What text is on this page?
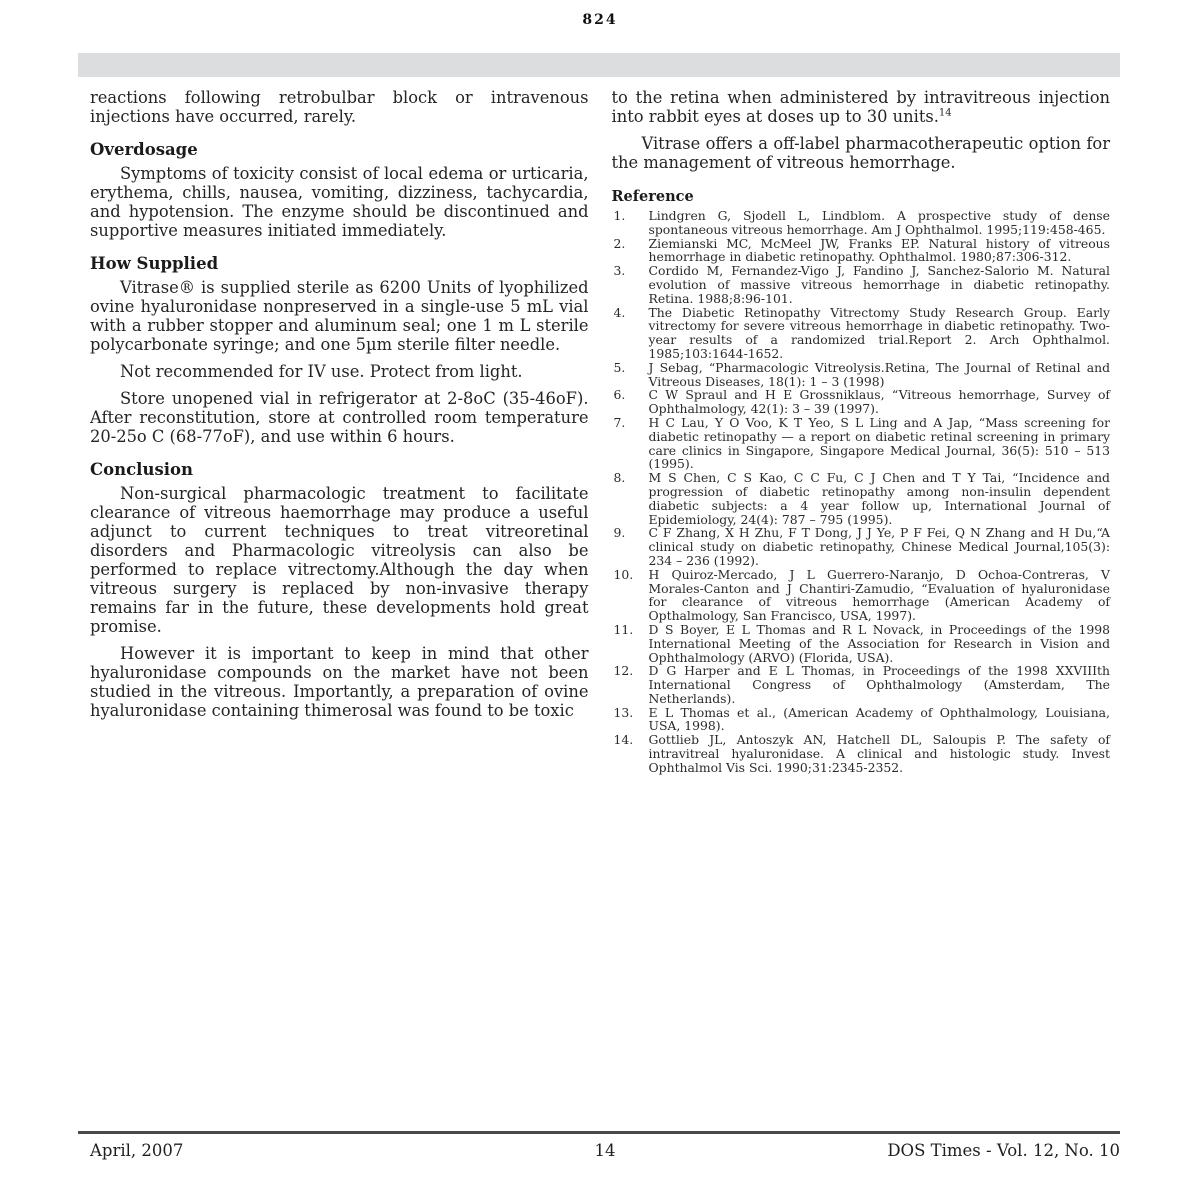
824

reactions following retrobulbar block or intravenous injections have occurred, rarely.

Overdosage

Symptoms of toxicity consist of local edema or urticaria, erythema, chills, nausea, vomiting, dizziness, tachycardia, and hypotension. The enzyme should be discontinued and supportive measures initiated immediately.

How Supplied

Vitrase® is supplied sterile as 6200 Units of lyophilized ovine hyaluronidase nonpreserved in a single-use 5 mL vial with a rubber stopper and aluminum seal; one 1 m L sterile polycarbonate syringe; and one 5µm sterile filter needle.

Not recommended for IV use. Protect from light.

Store unopened vial in refrigerator at 2-8oC (35-46oF). After reconstitution, store at controlled room temperature 20-25o C (68-77oF), and use within 6 hours.

Conclusion

Non-surgical pharmacologic treatment to facilitate clearance of vitreous haemorrhage may produce a useful adjunct to current techniques to treat vitreoretinal disorders and Pharmacologic vitreolysis can also be performed to replace vitrectomy.Although the day when vitreous surgery is replaced by non-invasive therapy remains far in the future, these developments hold great promise.

However it is important to keep in mind that other hyaluronidase compounds on the market have not been studied in the vitreous. Importantly, a preparation of ovine hyaluronidase containing thimerosal was found to be toxic

to the retina when administered by intravitreous injection into rabbit eyes at doses up to 30 units.$^{14}$

Vitrase offers a off-label pharmacotherapeutic option for the management of vitreous hemorrhage.

Reference
1. Lindgren G, Sjodell L, Lindblom. A prospective study of dense spontaneous vitreous hemorrhage. Am J Ophthalmol. 1995;119:458-465.
2. Ziemianski MC, McMeel JW, Franks EP. Natural history of vitreous hemorrhage in diabetic retinopathy. Ophthalmol. 1980;87:306-312.
3. Cordido M, Fernandez-Vigo J, Fandino J, Sanchez-Salorio M. Natural evolution of massive vitreous hemorrhage in diabetic retinopathy. Retina. 1988;8:96-101.
4. The Diabetic Retinopathy Vitrectomy Study Research Group. Early vitrectomy for severe vitreous hemorrhage in diabetic retinopathy. Two-year results of a randomized trial.Report 2. Arch Ophthalmol. 1985;103:1644-1652.
5. J Sebag, “Pharmacologic Vitreolysis.Retina, The Journal of Retinal and Vitreous Diseases, 18(1): 1 – 3 (1998)
6. C W Spraul and H E Grossniklaus, “Vitreous hemorrhage, Survey of Ophthalmology, 42(1): 3 – 39 (1997).
7. H C Lau, Y O Voo, K T Yeo, S L Ling and A Jap, “Mass screening for diabetic retinopathy — a report on diabetic retinal screening in primary care clinics in Singapore, Singapore Medical Journal, 36(5): 510 – 513 (1995).
8. M S Chen, C S Kao, C C Fu, C J Chen and T Y Tai, “Incidence and progression of diabetic retinopathy among non-insulin dependent diabetic subjects: a 4 year follow up, International Journal of Epidemiology, 24(4): 787 – 795 (1995).
9. C F Zhang, X H Zhu, F T Dong, J J Ye, P F Fei, Q N Zhang and H Du,“A clinical study on diabetic retinopathy, Chinese Medical Journal,105(3): 234 – 236 (1992).
10. H Quiroz-Mercado, J L Guerrero-Naranjo, D Ochoa-Contreras, V Morales-Canton and J Chantiri-Zamudio, “Evaluation of hyaluronidase for clearance of vitreous hemorrhage (American Academy of Opthalmology, San Francisco, USA, 1997).
11. D S Boyer, E L Thomas and R L Novack, in Proceedings of the 1998 International Meeting of the Association for Research in Vision and Ophthalmology (ARVO) (Florida, USA).
12. D G Harper and E L Thomas, in Proceedings of the 1998 XXVIIIth International Congress of Ophthalmology (Amsterdam, The Netherlands).
13. E L Thomas et al., (American Academy of Ophthalmology, Louisiana, USA, 1998).
14. Gottlieb JL, Antoszyk AN, Hatchell DL, Saloupis P. The safety of intravitreal hyaluronidase. A clinical and histologic study. Invest Ophthalmol Vis Sci. 1990;31:2345-2352.
April, 2007	14	DOS Times - Vol. 12, No. 10
